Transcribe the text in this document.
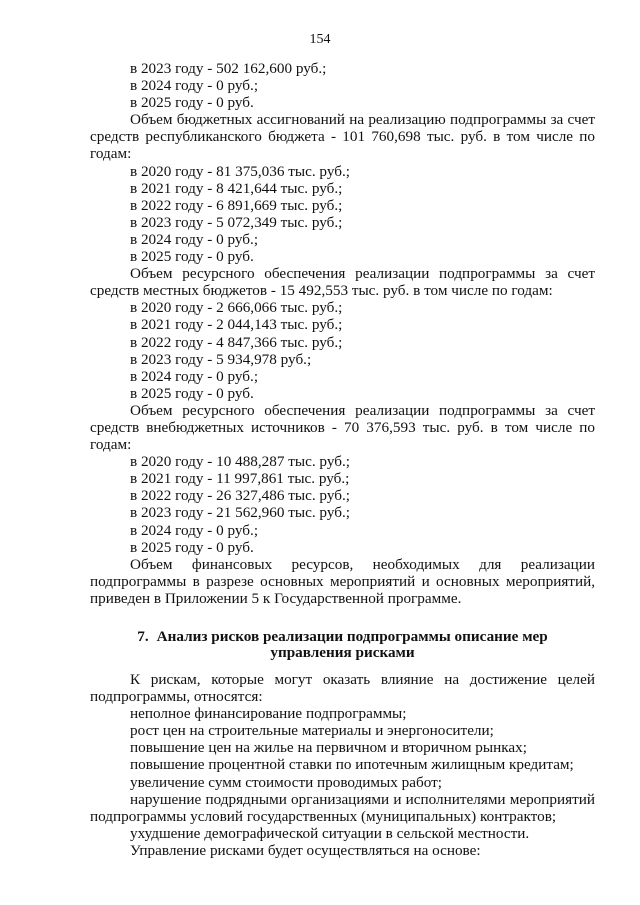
154
в 2023 году - 502 162,600 руб.;
в 2024 году - 0 руб.;
в 2025 году - 0 руб.

Объем бюджетных ассигнований на реализацию подпрограммы за счет средств республиканского бюджета - 101 760,698 тыс. руб. в том числе по годам:

в 2020 году - 81 375,036 тыс. руб.;
в 2021 году - 8 421,644 тыс. руб.;
в 2022 году - 6 891,669 тыс. руб.;
в 2023 году - 5 072,349 тыс. руб.;
в 2024 году - 0 руб.;
в 2025 году - 0 руб.

Объем ресурсного обеспечения реализации подпрограммы за счет средств местных бюджетов - 15 492,553 тыс. руб. в том числе по годам:

в 2020 году - 2 666,066 тыс. руб.;
в 2021 году - 2 044,143 тыс. руб.;
в 2022 году - 4 847,366 тыс. руб.;
в 2023 году - 5 934,978 руб.;
в 2024 году - 0 руб.;
в 2025 году - 0 руб.

Объем ресурсного обеспечения реализации подпрограммы за счет средств внебюджетных источников - 70 376,593 тыс. руб. в том числе по годам:

в 2020 году - 10 488,287 тыс. руб.;
в 2021 году - 11 997,861 тыс. руб.;
в 2022 году - 26 327,486 тыс. руб.;
в 2023 году - 21 562,960 тыс. руб.;
в 2024 году - 0 руб.;
в 2025 году - 0 руб.

Объем финансовых ресурсов, необходимых для реализации подпрограммы в разрезе основных мероприятий и основных мероприятий, приведен в Приложении 5 к Государственной программе.

7. Анализ рисков реализации подпрограммы описание мер управления рисками

К рискам, которые могут оказать влияние на достижение целей подпрограммы, относятся:

неполное финансирование подпрограммы;
рост цен на строительные материалы и энергоносители;
повышение цен на жилье на первичном и вторичном рынках;
повышение процентной ставки по ипотечным жилищным кредитам;
увеличение сумм стоимости проводимых работ;

нарушение подрядными организациями и исполнителями мероприятий подпрограммы условий государственных (муниципальных) контрактов;

ухудшение демографической ситуации в сельской местности.
Управление рисками будет осуществляться на основе:
